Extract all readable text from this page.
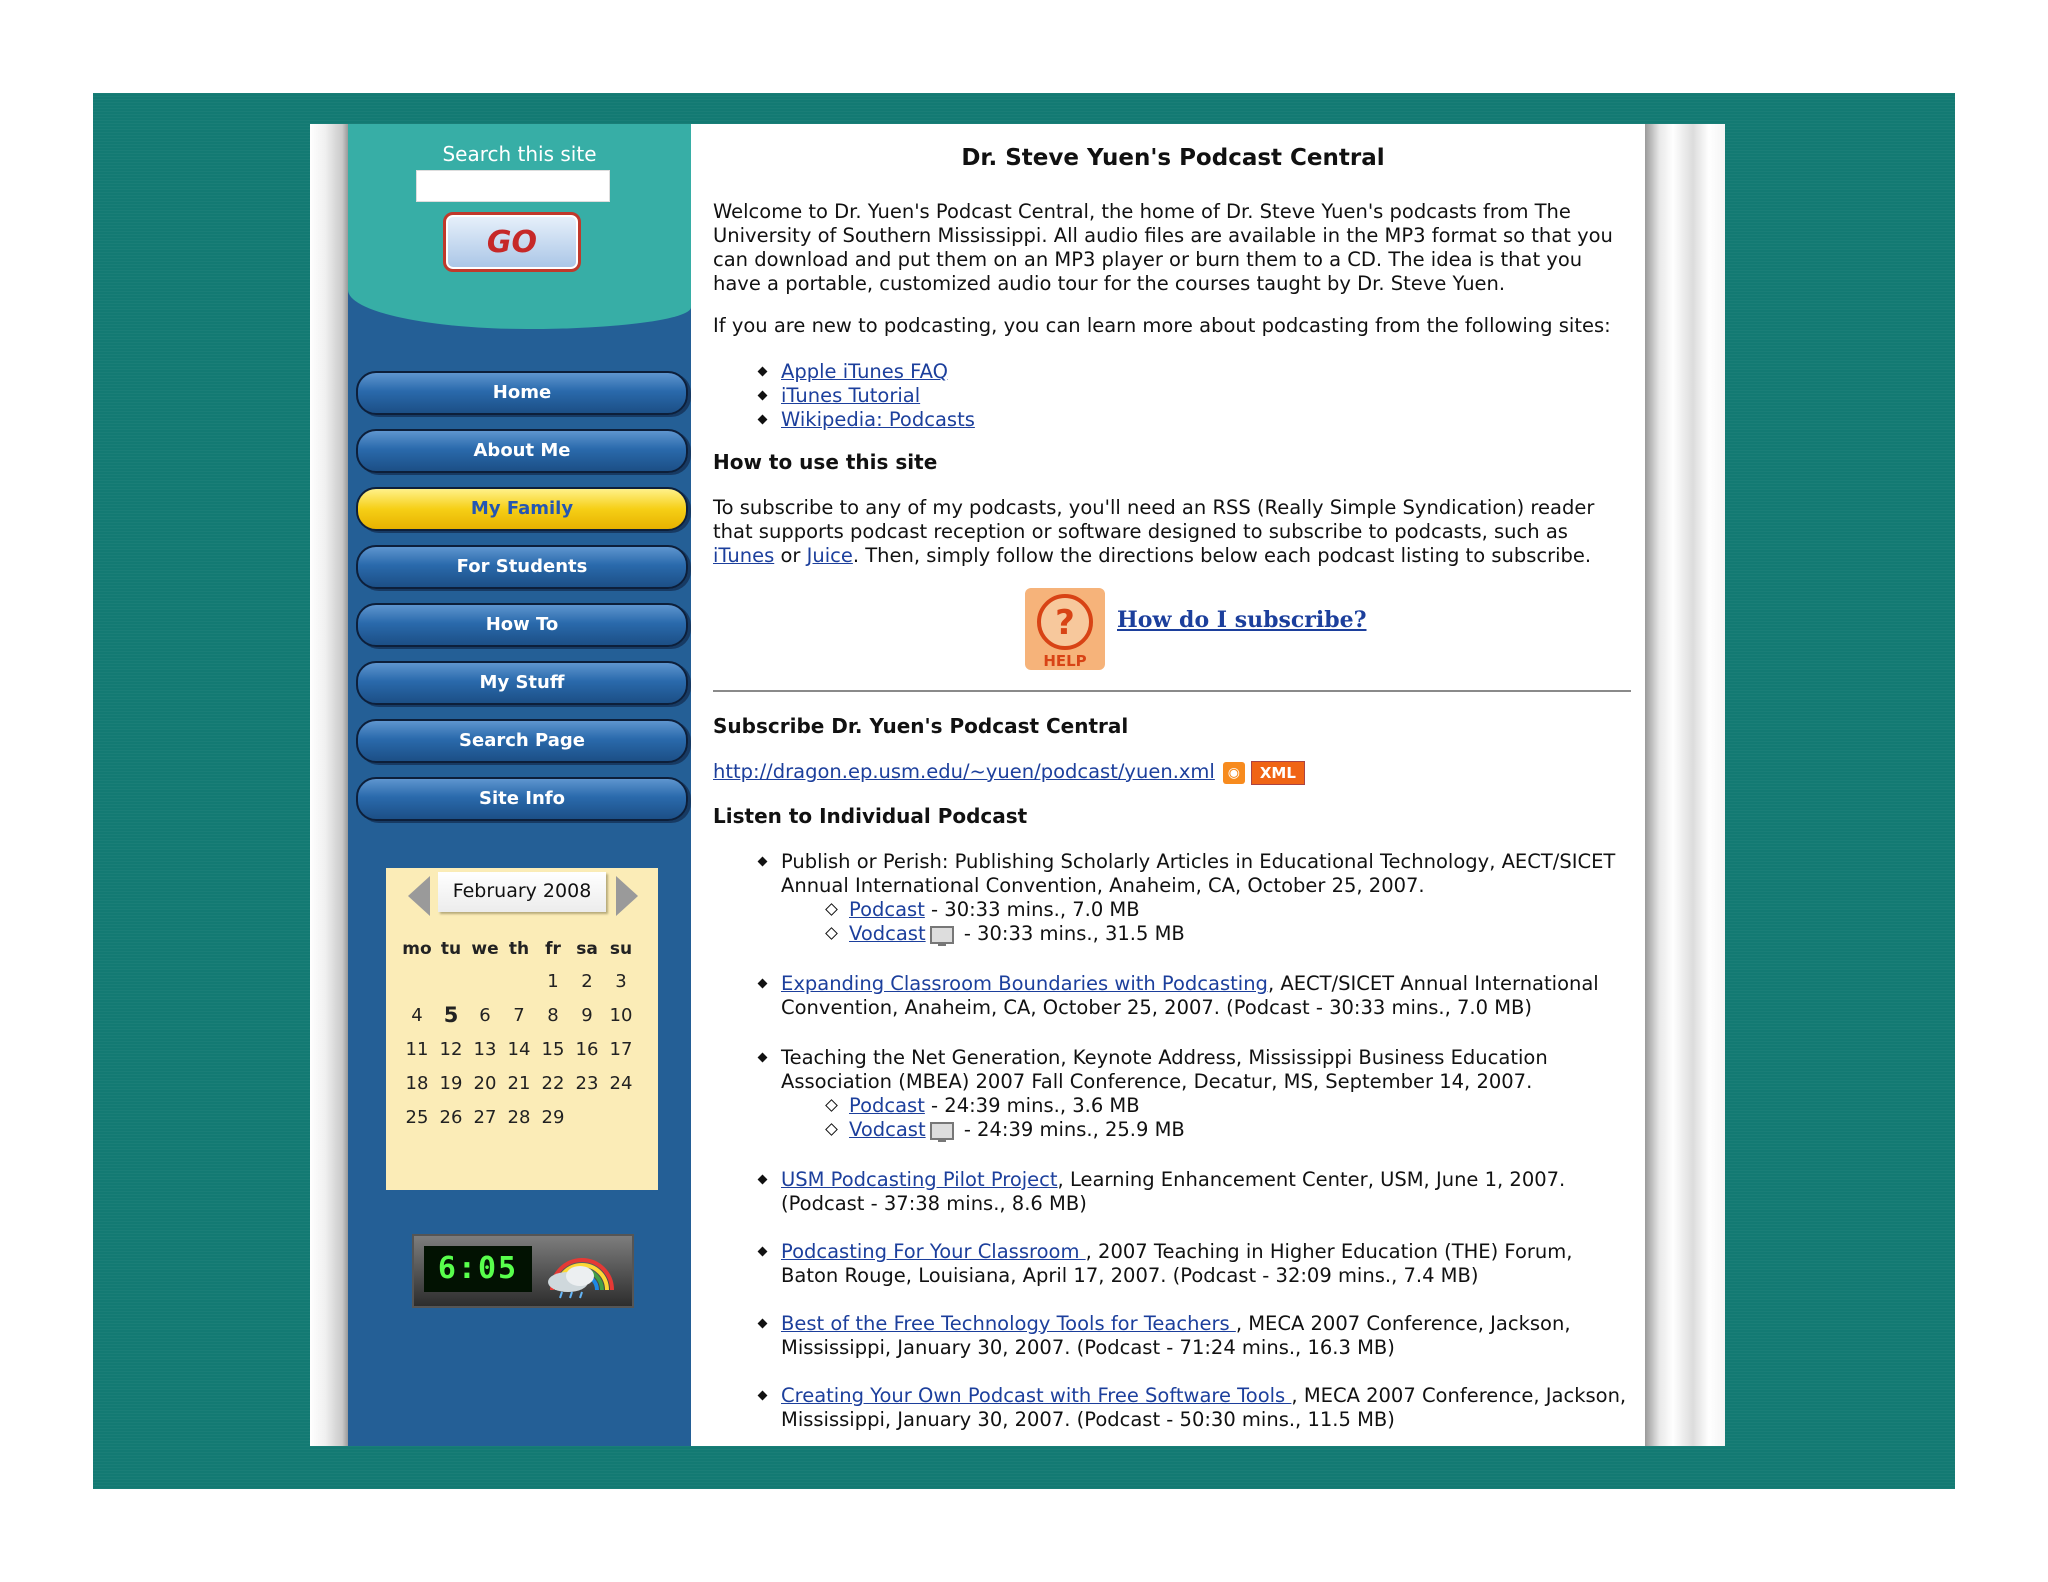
Search this site
GO
Home
About Me
My Family
For Students
How To
My Stuff
Search Page
Site Info
February 2008
mo	tu	we	th	fr	sa	su
				1	2	3
4	5	6	7	8	9	10
11	12	13	14	15	16	17
18	19	20	21	22	23	24
25	26	27	28	29		
6:05
Dr. Steve Yuen's Podcast Central
Welcome to Dr. Yuen's Podcast Central, the home of Dr. Steve Yuen's podcasts from The University of Southern Mississippi. All audio files are available in the MP3 format so that you can download and put them on an MP3 player or burn them to a CD. The idea is that you have a portable, customized audio tour for the courses taught by Dr. Steve Yuen.
If you are new to podcasting, you can learn more about podcasting from the following sites:
Apple iTunes FAQ
iTunes Tutorial
Wikipedia: Podcasts
How to use this site
To subscribe to any of my podcasts, you'll need an RSS (Really Simple Syndication) reader that supports podcast reception or software designed to subscribe to podcasts, such as iTunes or Juice. Then, simply follow the directions below each podcast listing to subscribe.
?
HELP
How do I subscribe?
Subscribe Dr. Yuen's Podcast Central
http://dragon.ep.usm.edu/~yuen/podcast/yuen.xml ◉ XML
Listen to Individual Podcast
Publish or Perish: Publishing Scholarly Articles in Educational Technology, AECT/SICET Annual International Convention, Anaheim, CA, October 25, 2007.
Podcast - 30:33 mins., 7.0 MB
Vodcast - 30:33 mins., 31.5 MB
Expanding Classroom Boundaries with Podcasting, AECT/SICET Annual International Convention, Anaheim, CA, October 25, 2007. (Podcast - 30:33 mins., 7.0 MB)
Teaching the Net Generation, Keynote Address, Mississippi Business Education Association (MBEA) 2007 Fall Conference, Decatur, MS, September 14, 2007.
Podcast - 24:39 mins., 3.6 MB
Vodcast - 24:39 mins., 25.9 MB
USM Podcasting Pilot Project, Learning Enhancement Center, USM, June 1, 2007. (Podcast - 37:38 mins., 8.6 MB)
Podcasting For Your Classroom , 2007 Teaching in Higher Education (THE) Forum, Baton Rouge, Louisiana, April 17, 2007. (Podcast - 32:09 mins., 7.4 MB)
Best of the Free Technology Tools for Teachers , MECA 2007 Conference, Jackson, Mississippi, January 30, 2007. (Podcast - 71:24 mins., 16.3 MB)
Creating Your Own Podcast with Free Software Tools , MECA 2007 Conference, Jackson, Mississippi, January 30, 2007. (Podcast - 50:30 mins., 11.5 MB)
